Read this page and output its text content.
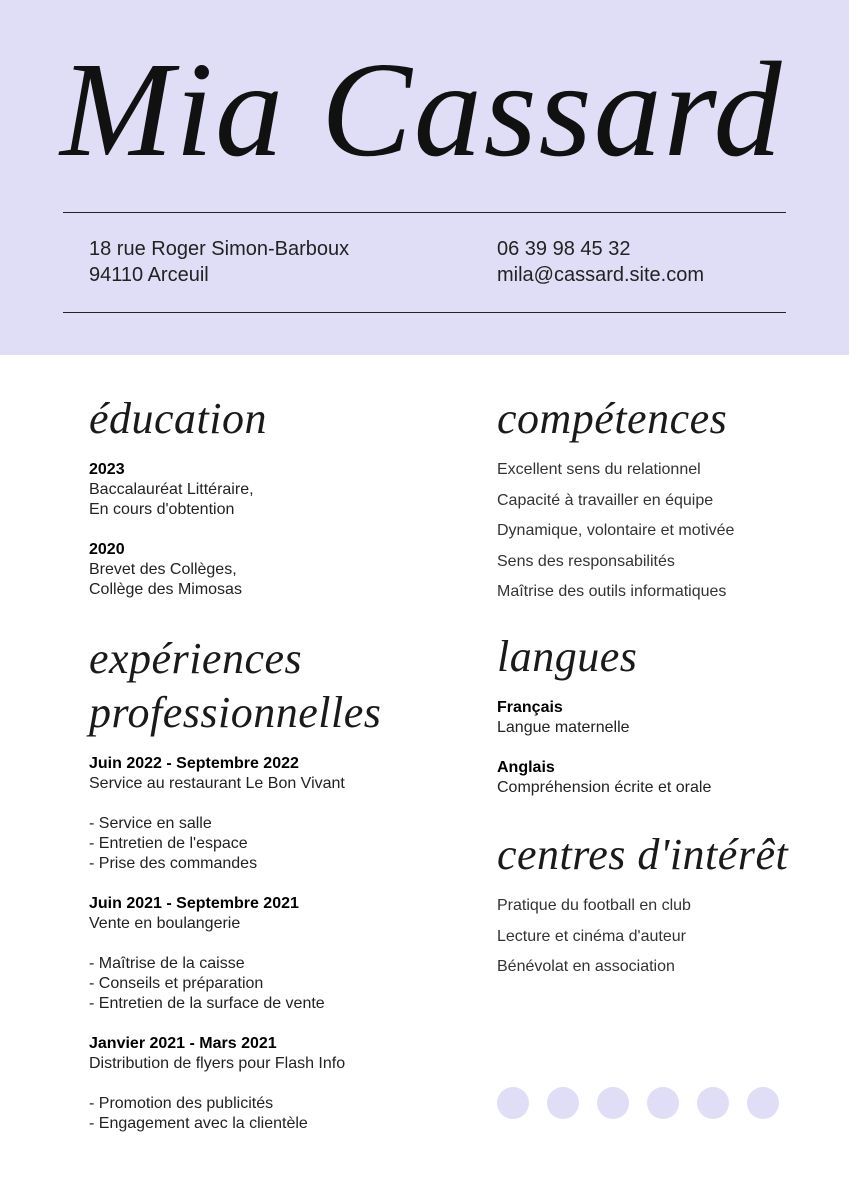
Mia Cassard
18 rue Roger Simon-Barboux
94110 Arceuil
06 39 98 45 32
mila@cassard.site.com
éducation
2023
Baccalauréat Littéraire,
En cours d'obtention
2020
Brevet des Collèges,
Collège des Mimosas
expériences
professionnelles
Juin 2022 - Septembre 2022
Service au restaurant Le Bon Vivant
- Service en salle
- Entretien de l'espace
- Prise des commandes
Juin 2021 - Septembre 2021
Vente en boulangerie
- Maîtrise de la caisse
- Conseils et préparation
- Entretien de la surface de vente
Janvier 2021 - Mars 2021
Distribution de flyers pour Flash Info
- Promotion des publicités
- Engagement avec la clientèle
compétences
Excellent sens du relationnel
Capacité à travailler en équipe
Dynamique, volontaire et motivée
Sens des responsabilités
Maîtrise des outils informatiques
langues
Français
Langue maternelle
Anglais
Compréhension écrite et orale
centres d'intérêt
Pratique du football en club
Lecture et cinéma d'auteur
Bénévolat en association
